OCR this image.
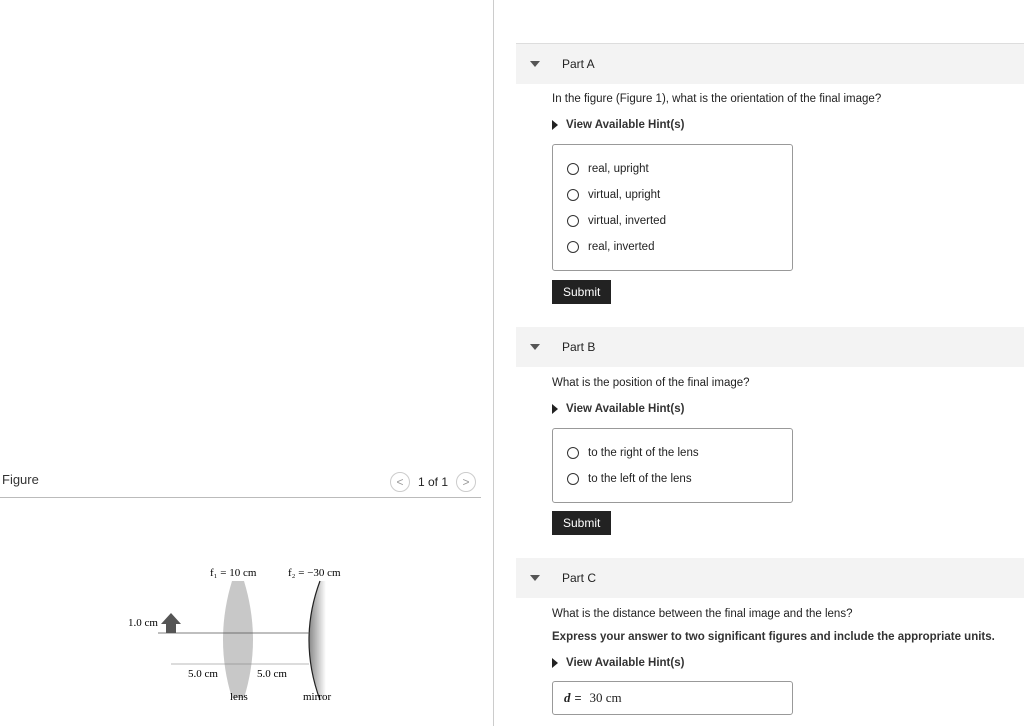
Figure	<	1 of 1	>
f₁ = 10 cm	f₂ = −30 cm
1.0 cm
5.0 cm	5.0 cm
lens	mirror
Part A
In the figure (Figure 1), what is the orientation of the final image?
View Available Hint(s)
real, upright
virtual, upright
virtual, inverted
real, inverted
Submit
Part B
What is the position of the final image?
View Available Hint(s)
to the right of the lens
to the left of the lens
Submit
Part C
What is the distance between the final image and the lens?
Express your answer to two significant figures and include the appropriate units.
View Available Hint(s)
d = 30 cm
